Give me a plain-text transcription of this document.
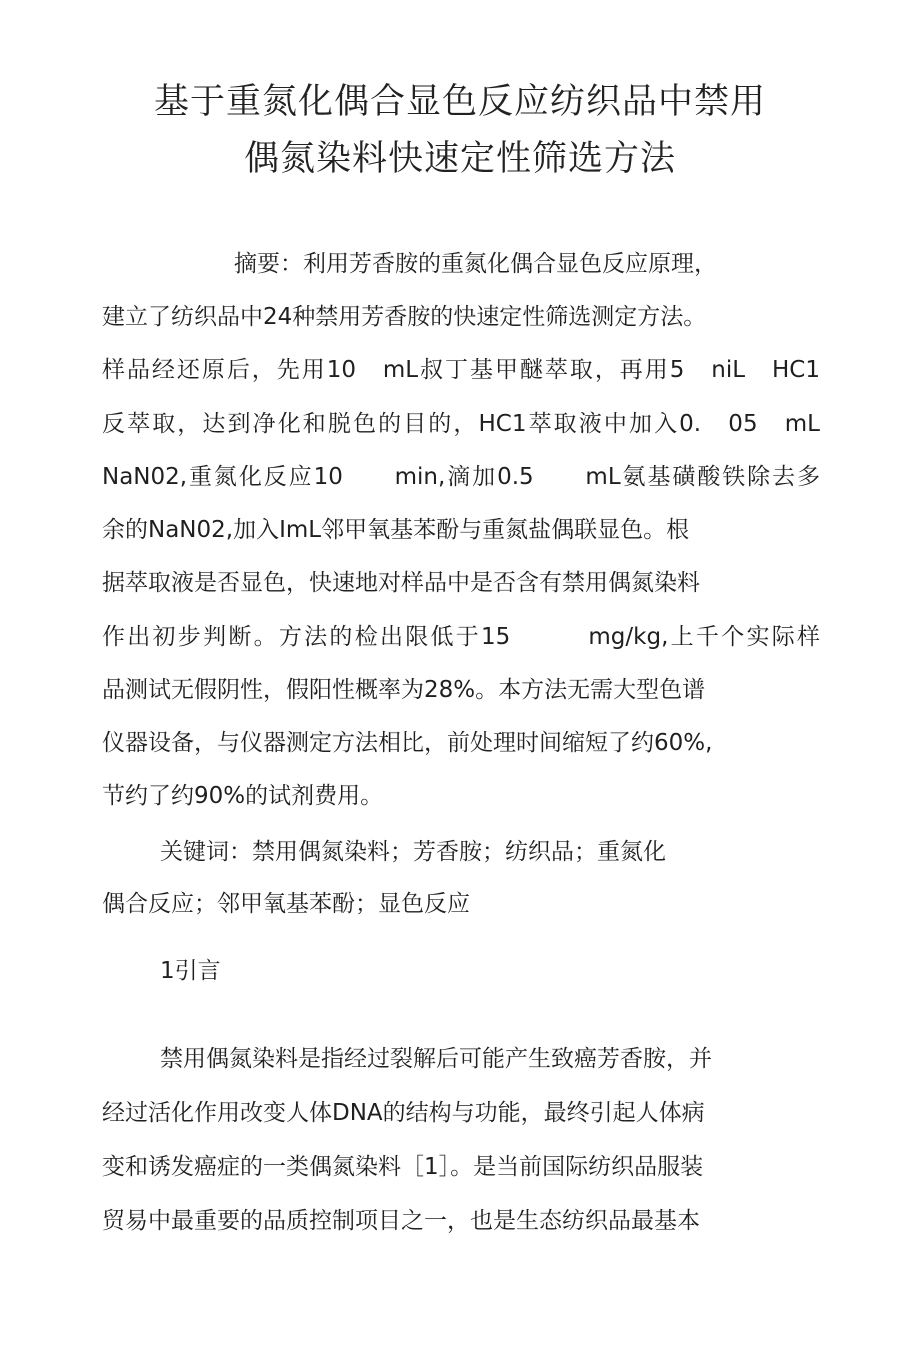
基于重氮化偶合显色反应纺织品中禁用
偶氮染料快速定性筛选方法
摘要：利用芳香胺的重氮化偶合显色反应原理，
建立了纺织品中24种禁用芳香胺的快速定性筛选测定方法。
样品经还原后，先用10　mL叔丁基甲醚萃取，再用5　niL　HC1
反萃取，达到净化和脱色的目的，HC1萃取液中加入0.　05　mL
NaN02,重氮化反应10　　min,滴加0.5　　mL氨基磺酸铁除去多
余的NaN02,加入ImL邻甲氧基苯酚与重氮盐偶联显色。根
据萃取液是否显色，快速地对样品中是否含有禁用偶氮染料
作出初步判断。方法的检出限低于15　　　mg/kg,上千个实际样
品测试无假阴性，假阳性概率为28%。本方法无需大型色谱
仪器设备，与仪器测定方法相比，前处理时间缩短了约60%,
节约了约90%的试剂费用。
关键词：禁用偶氮染料；芳香胺；纺织品；重氮化
偶合反应；邻甲氧基苯酚；显色反应
1引言
禁用偶氮染料是指经过裂解后可能产生致癌芳香胺，并
经过活化作用改变人体DNA的结构与功能，最终引起人体病
变和诱发癌症的一类偶氮染料［1］。是当前国际纺织品服装
贸易中最重要的品质控制项目之一，也是生态纺织品最基本
